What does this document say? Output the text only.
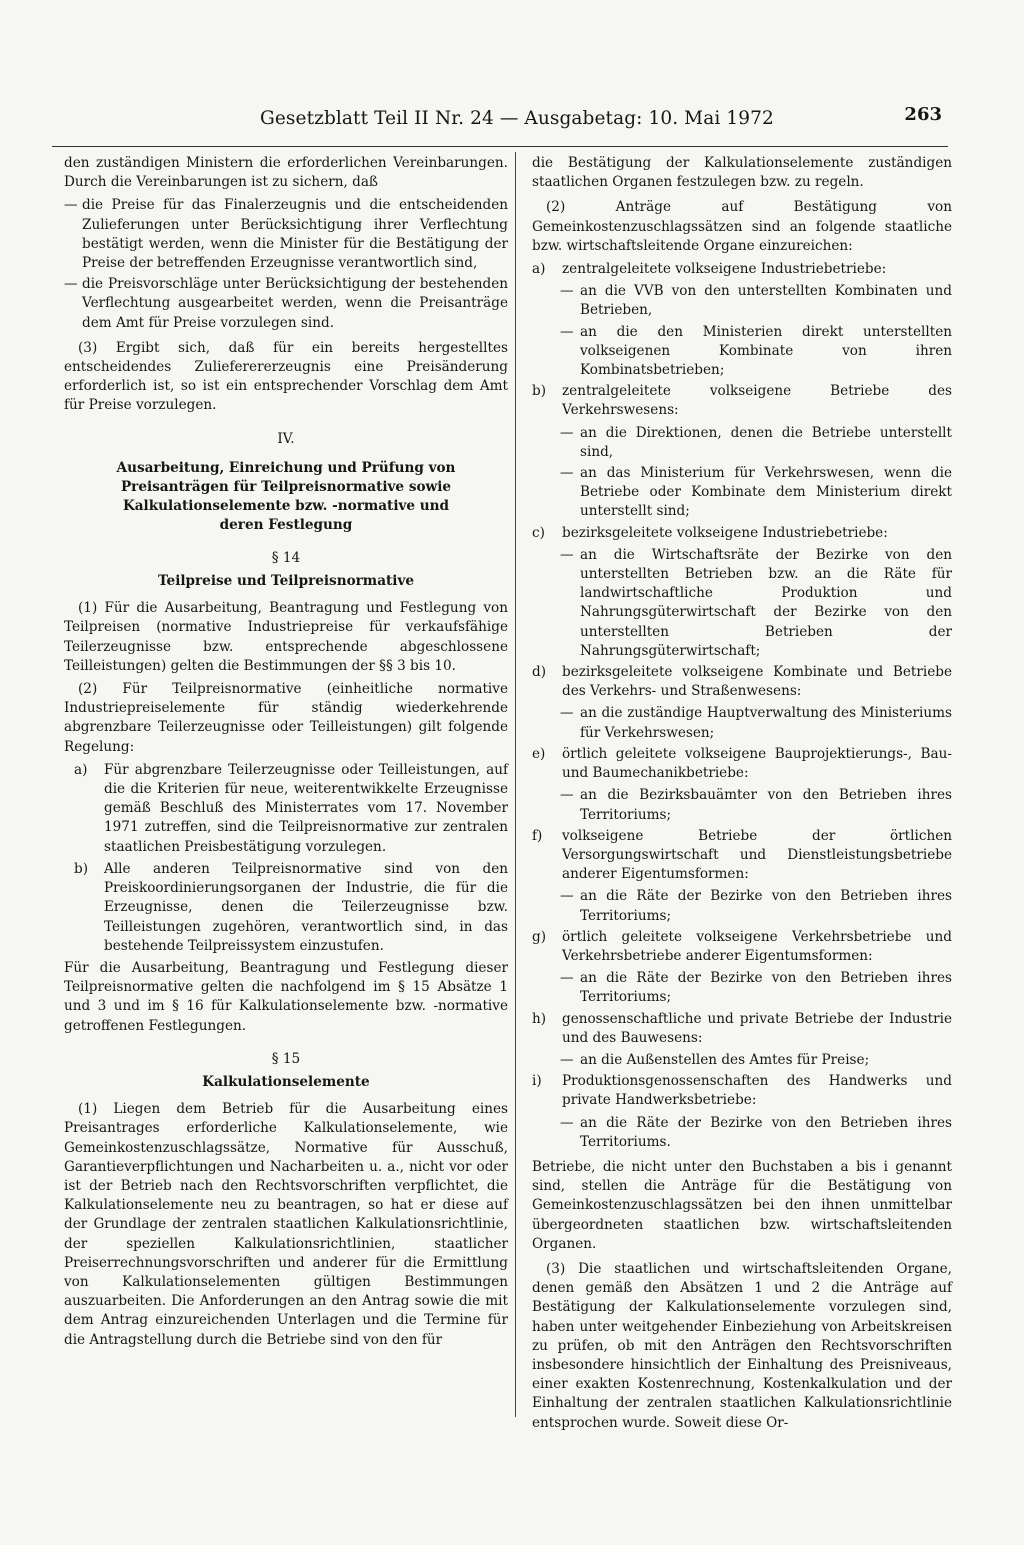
Gesetzblatt Teil II Nr. 24 — Ausgabetag: 10. Mai 1972	263

den zuständigen Ministern die erforderlichen Vereinbarungen. Durch die Vereinbarungen ist zu sichern, daß

— die Preise für das Finalerzeugnis und die entscheidenden Zulieferungen unter Berücksichtigung ihrer Verflechtung bestätigt werden, wenn die Minister für die Bestätigung der Preise der betreffenden Erzeugnisse verantwortlich sind,
— die Preisvorschläge unter Berücksichtigung der bestehenden Verflechtung ausgearbeitet werden, wenn die Preisanträge dem Amt für Preise vorzulegen sind.

(3) Ergibt sich, daß für ein bereits hergestelltes entscheidendes Zulieferererzeugnis eine Preisänderung erforderlich ist, so ist ein entsprechender Vorschlag dem Amt für Preise vorzulegen.

IV.
Ausarbeitung, Einreichung und Prüfung von Preisanträgen für Teilpreisnormative sowie Kalkulationselemente bzw. -normative und deren Festlegung
§ 14
Teilpreise und Teilpreisnormative

(1) Für die Ausarbeitung, Beantragung und Festlegung von Teilpreisen (normative Industriepreise für verkaufsfähige Teilerzeugnisse bzw. entsprechende abgeschlossene Teilleistungen) gelten die Bestimmungen der §§ 3 bis 10.

(2) Für Teilpreisnormative (einheitliche normative Industriepreiselemente für ständig wiederkehrende abgrenzbare Teilerzeugnisse oder Teilleistungen) gilt folgende Regelung:

a) Für abgrenzbare Teilerzeugnisse oder Teilleistungen, auf die die Kriterien für neue, weiterentwikkelte Erzeugnisse gemäß Beschluß des Ministerrates vom 17. November 1971 zutreffen, sind die Teilpreisnormative zur zentralen staatlichen Preisbestätigung vorzulegen.
b) Alle anderen Teilpreisnormative sind von den Preiskoordinierungsorganen der Industrie, die für die Erzeugnisse, denen die Teilerzeugnisse bzw. Teilleistungen zugehören, verantwortlich sind, in das bestehende Teilpreissystem einzustufen.

Für die Ausarbeitung, Beantragung und Festlegung dieser Teilpreisnormative gelten die nachfolgend im § 15 Absätze 1 und 3 und im § 16 für Kalkulationselemente bzw. -normative getroffenen Festlegungen.

§ 15
Kalkulationselemente

(1) Liegen dem Betrieb für die Ausarbeitung eines Preisantrages erforderliche Kalkulationselemente, wie Gemeinkostenzuschlagssätze, Normative für Ausschuß, Garantieverpflichtungen und Nacharbeiten u. a., nicht vor oder ist der Betrieb nach den Rechtsvorschriften verpflichtet, die Kalkulationselemente neu zu beantragen, so hat er diese auf der Grundlage der zentralen staatlichen Kalkulationsrichtlinie, der speziellen Kalkulationsrichtlinien, staatlicher Preiserrechnungsvorschriften und anderer für die Ermittlung von Kalkulationselementen gültigen Bestimmungen auszuarbeiten. Die Anforderungen an den Antrag sowie die mit dem Antrag einzureichenden Unterlagen und die Termine für die Antragstellung durch die Betriebe sind von den für

die Bestätigung der Kalkulationselemente zuständigen staatlichen Organen festzulegen bzw. zu regeln.

(2) Anträge auf Bestätigung von Gemeinkostenzuschlagssätzen sind an folgende staatliche bzw. wirtschaftsleitende Organe einzureichen:

a) zentralgeleitete volkseigene Industriebetriebe:
— an die VVB von den unterstellten Kombinaten und Betrieben,
— an die den Ministerien direkt unterstellten volkseigenen Kombinate von ihren Kombinatsbetrieben;
b) zentralgeleitete volkseigene Betriebe des Verkehrswesens:
— an die Direktionen, denen die Betriebe unterstellt sind,
— an das Ministerium für Verkehrswesen, wenn die Betriebe oder Kombinate dem Ministerium direkt unterstellt sind;
c) bezirksgeleitete volkseigene Industriebetriebe:
— an die Wirtschaftsräte der Bezirke von den unterstellten Betrieben bzw. an die Räte für landwirtschaftliche Produktion und Nahrungsgüterwirtschaft der Bezirke von den unterstellten Betrieben der Nahrungsgüterwirtschaft;
d) bezirksgeleitete volkseigene Kombinate und Betriebe des Verkehrs- und Straßenwesens:
— an die zuständige Hauptverwaltung des Ministeriums für Verkehrswesen;
e) örtlich geleitete volkseigene Bauprojektierungs-, Bau- und Baumechanikbetriebe:
— an die Bezirksbauämter von den Betrieben ihres Territoriums;
f) volkseigene Betriebe der örtlichen Versorgungswirtschaft und Dienstleistungsbetriebe anderer Eigentumsformen:
— an die Räte der Bezirke von den Betrieben ihres Territoriums;
g) örtlich geleitete volkseigene Verkehrsbetriebe und Verkehrsbetriebe anderer Eigentumsformen:
— an die Räte der Bezirke von den Betrieben ihres Territoriums;
h) genossenschaftliche und private Betriebe der Industrie und des Bauwesens:
— an die Außenstellen des Amtes für Preise;
i) Produktionsgenossenschaften des Handwerks und private Handwerksbetriebe:
— an die Räte der Bezirke von den Betrieben ihres Territoriums.

Betriebe, die nicht unter den Buchstaben a bis i genannt sind, stellen die Anträge für die Bestätigung von Gemeinkostenzuschlagssätzen bei den ihnen unmittelbar übergeordneten staatlichen bzw. wirtschaftsleitenden Organen.

(3) Die staatlichen und wirtschaftsleitenden Organe, denen gemäß den Absätzen 1 und 2 die Anträge auf Bestätigung der Kalkulationselemente vorzulegen sind, haben unter weitgehender Einbeziehung von Arbeitskreisen zu prüfen, ob mit den Anträgen den Rechtsvorschriften insbesondere hinsichtlich der Einhaltung des Preisniveaus, einer exakten Kostenrechnung, Kostenkalkulation und der Einhaltung der zentralen staatlichen Kalkulationsrichtlinie entsprochen wurde. Soweit diese Or-
